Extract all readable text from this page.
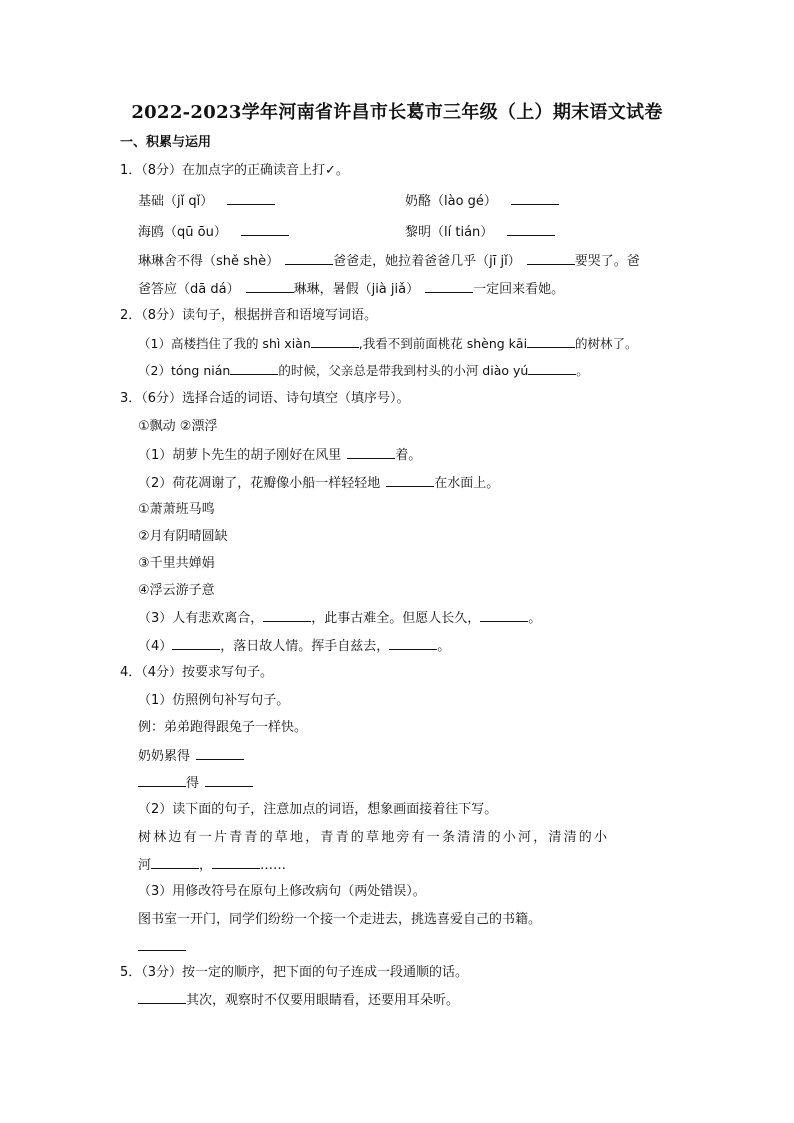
2022-2023学年河南省许昌市长葛市三年级（上）期末语文试卷
一、积累与运用
1．（8分）在加点字的正确读音上打✓。
基础（jǐ qǐ）	奶酪（lào gé）
海鸥（qū ōu）	黎明（lí tián）
琳琳舍不得（shě shè）	爸爸走，她拉着爸爸几乎（jī jǐ）	要哭了。爸
爸答应（dā dá）	琳琳，暑假（jià jiǎ）	一定回来看她。
2．（8分）读句子，根据拼音和语境写词语。
（1）高楼挡住了我的 shì xiàn	,我看不到前面桃花 shèng kāi	的树林了。
（2）tóng nián	的时候，父亲总是带我到村头的小河 diào yú	。
3．（6分）选择合适的词语、诗句填空（填序号）。
①飘动 ②漂浮
（1）胡萝卜先生的胡子刚好在风里	着。
（2）荷花凋谢了，花瓣像小船一样轻轻地	在水面上。
①萧萧班马鸣
②月有阴晴圆缺
③千里共婵娟
④浮云游子意
（3）人有悲欢离合，	，此事古难全。但愿人长久，	。
（4）	，落日故人情。挥手自兹去，	。
4．（4分）按要求写句子。
（1）仿照例句补写句子。
例：弟弟跑得跟兔子一样快。
奶奶累得
得
（2）读下面的句子，注意加点的词语，想象画面接着往下写。
树林边有一片青青的草地，青青的草地旁有一条清清的小河，清清的小
河	，	……
（3）用修改符号在原句上修改病句（两处错误）。
图书室一开门，同学们纷纷一个接一个走进去，挑选喜爱自己的书籍。
5．（3分）按一定的顺序，把下面的句子连成一段通顺的话。
其次，观察时不仅要用眼睛看，还要用耳朵听。
